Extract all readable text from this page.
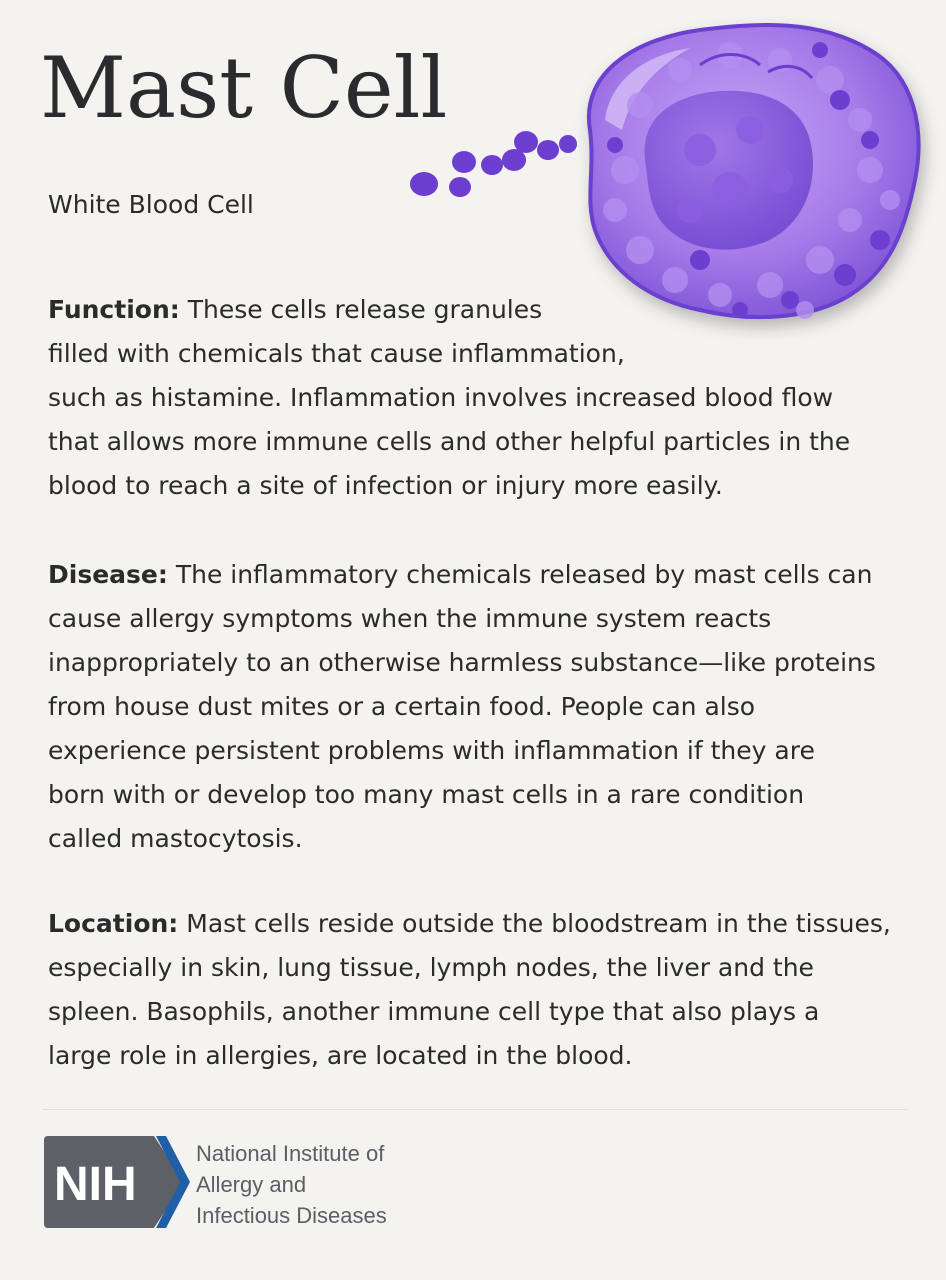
Mast Cell

White Blood Cell

Function: These cells release granules
filled with chemicals that cause inflammation,
such as histamine. Inflammation involves increased blood flow
that allows more immune cells and other helpful particles in the
blood to reach a site of infection or injury more easily.

Disease: The inflammatory chemicals released by mast cells can
cause allergy symptoms when the immune system reacts
inappropriately to an otherwise harmless substance—like proteins
from house dust mites or a certain food. People can also
experience persistent problems with inflammation if they are
born with or develop too many mast cells in a rare condition
called mastocytosis.

Location: Mast cells reside outside the bloodstream in the tissues,
especially in skin, lung tissue, lymph nodes, the liver and the
spleen. Basophils, another immune cell type that also plays a
large role in allergies, are located in the blood.

NIH

National Institute of
Allergy and
Infectious Diseases
